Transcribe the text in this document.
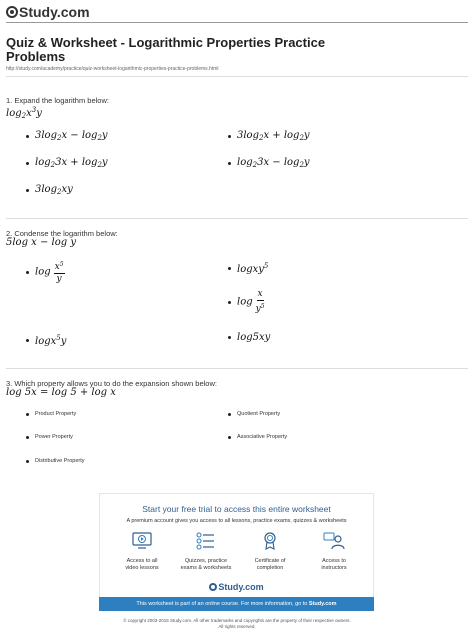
Study.com
Quiz & Worksheet - Logarithmic Properties Practice Problems
http://study.com/academy/practice/quiz-worksheet-logarithmic-properties-practice-problems.html
1. Expand the logarithm below:
$\log_2x^3y$
$3\log_2x - \log_2y$	$3\log_2x + \log_2y$
$\log_23x + \log_2y$	$\log_23x - \log_2y$
$3\log_2xy$
2. Condense the logarithm below:
5log x − log y
$\log \frac{x^5}{y}$	logxy$^5$
$\log \frac{x}{y^5}$
logx$^5$y	log5xy
3. Which property allows you to do the expansion shown below:
log 5x = log 5 + log x
Product Property	Quotient Property
Power Property	Associative Property
Distributive Property
Start your free trial to access this entire worksheet
A premium account gives you access to all lessons, practice exams, quizzes & worksheets
Access to all
video lessons
Quizzes, practice
exams & worksheets
Certificate of
completion
Access to
instructors
Study.com
This worksheet is part of an online course. For more information, go to Study.com
© copyright 2003-2015 Study.com. All other trademarks and copyrights are the property of their respective owners.
All rights reserved.
